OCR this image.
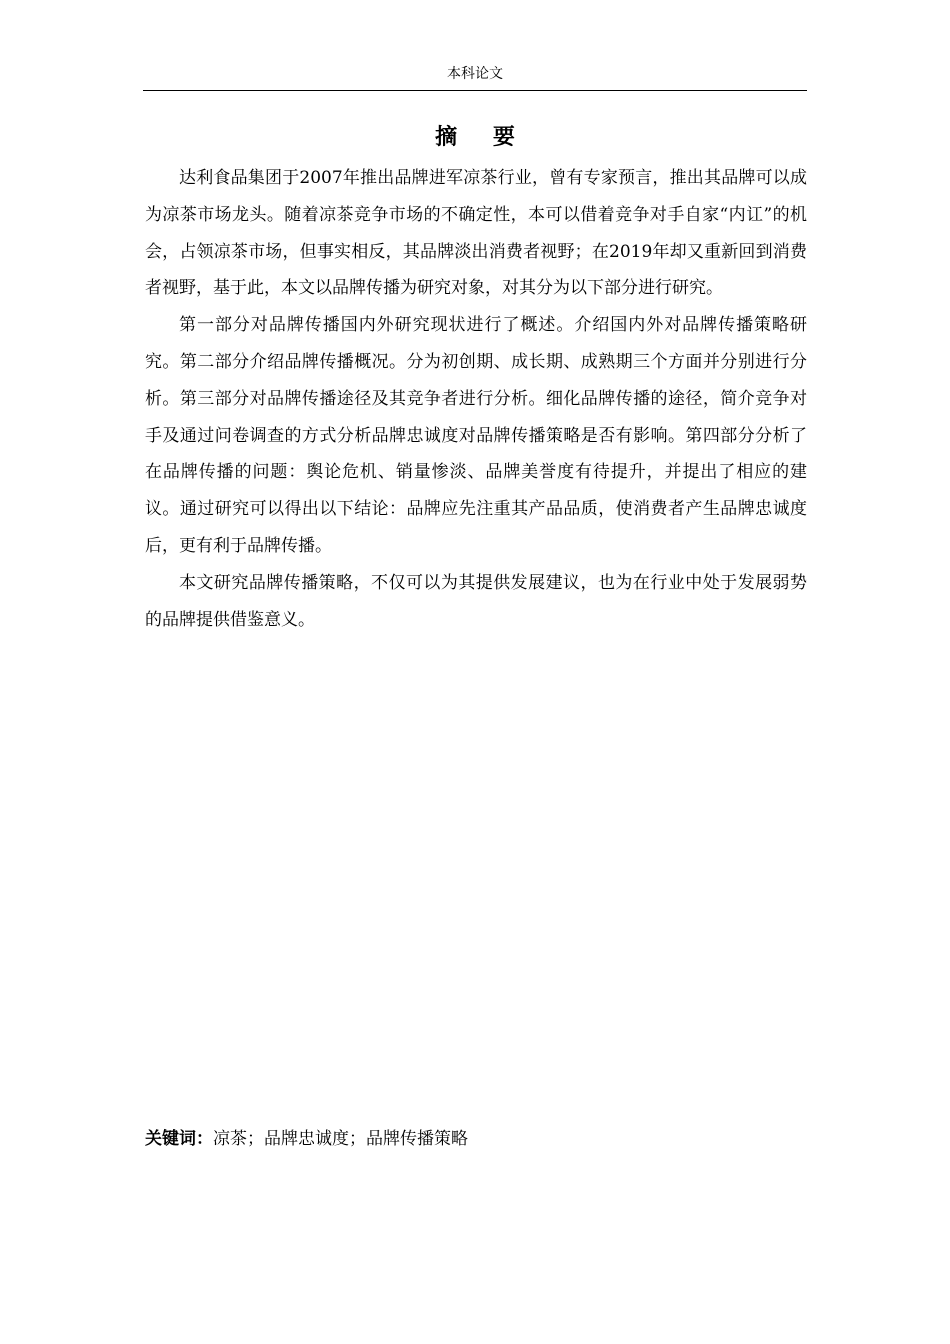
本科论文
摘 要

达利食品集团于2007年推出品牌进军凉茶行业，曾有专家预言，推出其品牌可以成为凉茶市场龙头。随着凉茶竞争市场的不确定性，本可以借着竞争对手自家“内讧”的机会，占领凉茶市场，但事实相反，其品牌淡出消费者视野；在2019年却又重新回到消费者视野，基于此，本文以品牌传播为研究对象，对其分为以下部分进行研究。

第一部分对品牌传播国内外研究现状进行了概述。介绍国内外对品牌传播策略研究。第二部分介绍品牌传播概况。分为初创期、成长期、成熟期三个方面并分别进行分析。第三部分对品牌传播途径及其竞争者进行分析。细化品牌传播的途径，简介竞争对手及通过问卷调查的方式分析品牌忠诚度对品牌传播策略是否有影响。第四部分分析了在品牌传播的问题：舆论危机、销量惨淡、品牌美誉度有待提升，并提出了相应的建议。通过研究可以得出以下结论：品牌应先注重其产品品质，使消费者产生品牌忠诚度后，更有利于品牌传播。

本文研究品牌传播策略，不仅可以为其提供发展建议，也为在行业中处于发展弱势的品牌提供借鉴意义。

关键词：凉茶；品牌忠诚度；品牌传播策略
